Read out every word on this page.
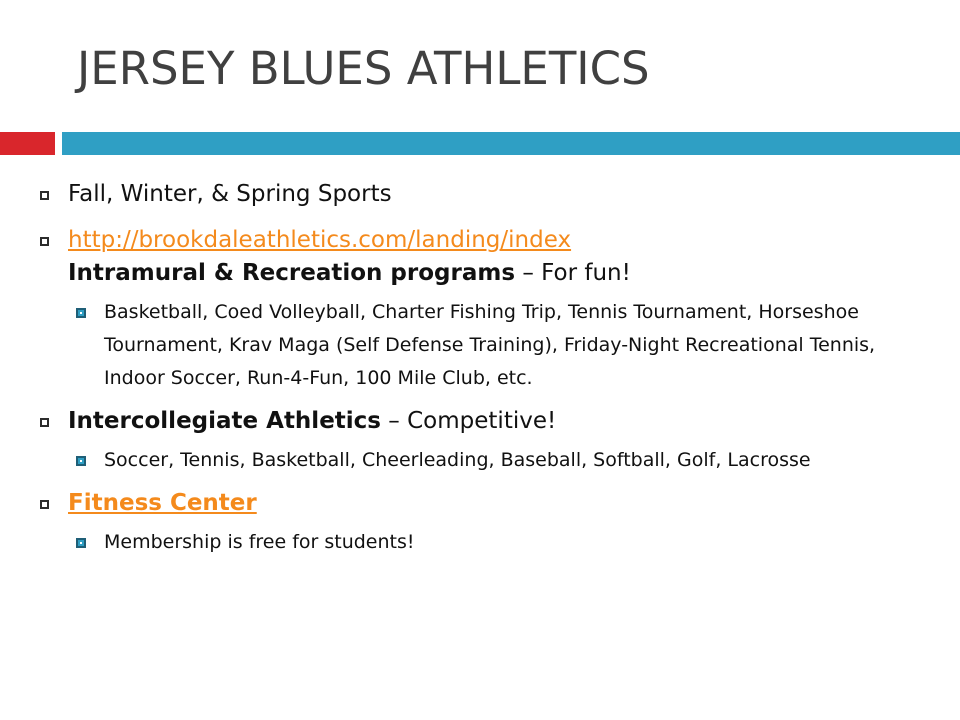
JERSEY BLUES ATHLETICS
Fall, Winter, & Spring Sports
http://brookdaleathletics.com/landing/index
Intramural & Recreation programs – For fun!
Basketball, Coed Volleyball, Charter Fishing Trip, Tennis Tournament, Horseshoe Tournament, Krav Maga (Self Defense Training), Friday-Night Recreational Tennis, Indoor Soccer, Run-4-Fun, 100 Mile Club, etc.
Intercollegiate Athletics – Competitive!
Soccer, Tennis, Basketball, Cheerleading, Baseball, Softball, Golf, Lacrosse
Fitness Center
Membership is free for students!
